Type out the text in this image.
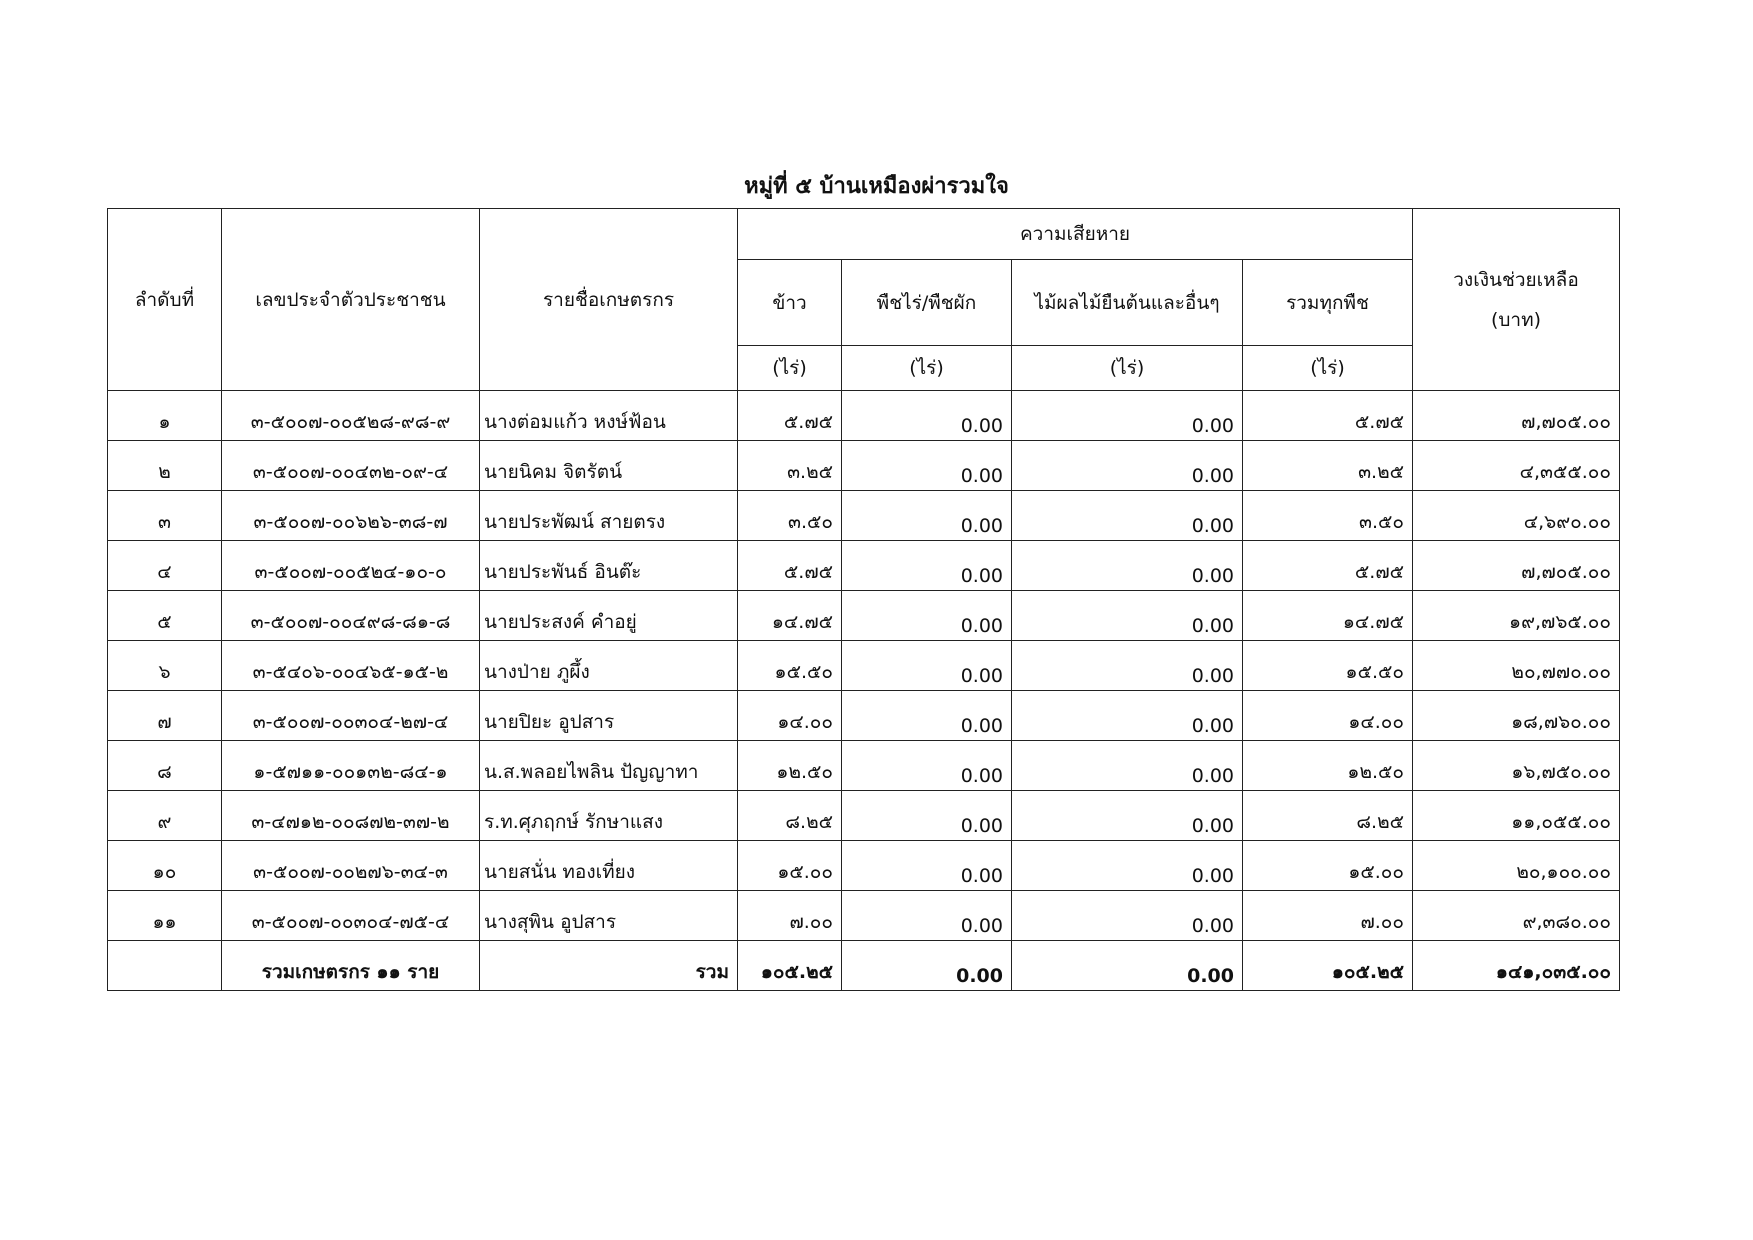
หมู่ที่ ๕ บ้านเหมืองผ่ารวมใจ
ลำดับที่	เลขประจำตัวประชาชน	รายชื่อเกษตรกร	ความเสียหาย				วงเงินช่วยเหลือ
(บาท)

			ข้าว	พืชไร่/พืชผัก	ไม้ผลไม้ยืนต้นและอื่นๆ	รวมทุกพืช	
			(ไร่)	(ไร่)	(ไร่)	(ไร่)	
๑	๓-๕๐๐๗-๐๐๕๒๘-๙๘-๙	นางต่อมแก้ว หงษ์ฟ้อน	๕.๗๕	0.00	0.00	๕.๗๕	๗,๗๐๕.๐๐
๒	๓-๕๐๐๗-๐๐๔๓๒-๐๙-๔	นายนิคม จิตรัตน์	๓.๒๕	0.00	0.00	๓.๒๕	๔,๓๕๕.๐๐
๓	๓-๕๐๐๗-๐๐๖๒๖-๓๘-๗	นายประพัฒน์ สายตรง	๓.๕๐	0.00	0.00	๓.๕๐	๔,๖๙๐.๐๐
๔	๓-๕๐๐๗-๐๐๕๒๔-๑๐-๐	นายประพันธ์ อินต๊ะ	๕.๗๕	0.00	0.00	๕.๗๕	๗,๗๐๕.๐๐
๕	๓-๕๐๐๗-๐๐๔๙๘-๘๑-๘	นายประสงค์ คำอยู่	๑๔.๗๕	0.00	0.00	๑๔.๗๕	๑๙,๗๖๕.๐๐
๖	๓-๕๔๐๖-๐๐๔๖๕-๑๕-๒	นางป่าย ภูผึ้ง	๑๕.๕๐	0.00	0.00	๑๕.๕๐	๒๐,๗๗๐.๐๐
๗	๓-๕๐๐๗-๐๐๓๐๔-๒๗-๔	นายปิยะ อูปสาร	๑๔.๐๐	0.00	0.00	๑๔.๐๐	๑๘,๗๖๐.๐๐
๘	๑-๕๗๑๑-๐๐๑๓๒-๘๔-๑	น.ส.พลอยไพลิน ปัญญาทา	๑๒.๕๐	0.00	0.00	๑๒.๕๐	๑๖,๗๕๐.๐๐
๙	๓-๔๗๑๒-๐๐๘๗๒-๓๗-๒	ร.ท.ศุภฤกษ์ รักษาแสง	๘.๒๕	0.00	0.00	๘.๒๕	๑๑,๐๕๕.๐๐
๑๐	๓-๕๐๐๗-๐๐๒๗๖-๓๔-๓	นายสนั่น ทองเที่ยง	๑๕.๐๐	0.00	0.00	๑๕.๐๐	๒๐,๑๐๐.๐๐
๑๑	๓-๕๐๐๗-๐๐๓๐๔-๗๕-๔	นางสุพิน อูปสาร	๗.๐๐	0.00	0.00	๗.๐๐	๙,๓๘๐.๐๐
	รวมเกษตรกร ๑๑ ราย	รวม	๑๐๕.๒๕	0.00	0.00	๑๐๕.๒๕	๑๔๑,๐๓๕.๐๐
